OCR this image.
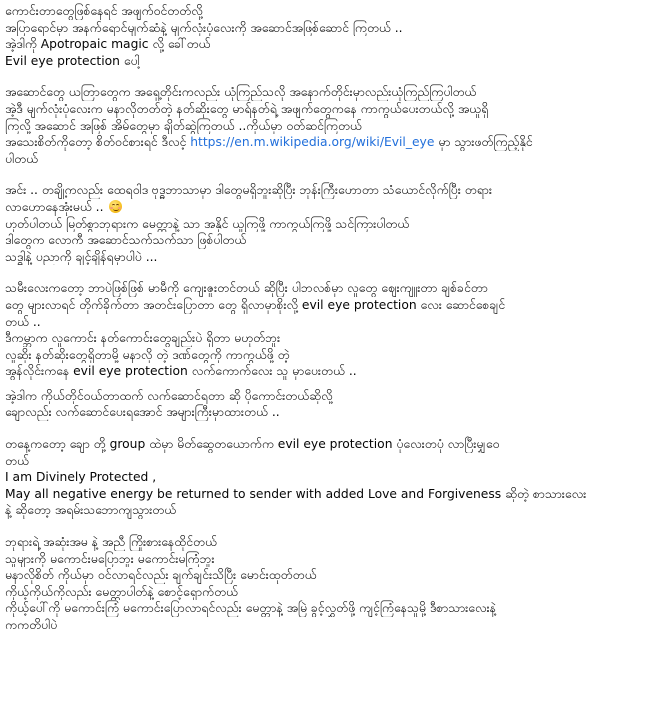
ကောင်းတာတွေဖြစ်နေရင် အဖျက်ဝင်တတ်လို့
အပြာရောင်မှာ အနက်ရောင်မျက်ဆံနဲ့ မျက်လုံးပုံလေးကို အဆောင်အဖြစ်ဆောင် ကြတယ် ..
အဲ့ဒါကို Apotropaic magic လို့ ခေါ်တယ်
Evil eye protection ပေါ့
အဆောင်တွေ ယတြာတွေက အရှေ့တိုင်းကလည်း ယုံကြည်သလို အနောက်တိုင်းမှာလည်းယုံကြည်ကြပါတယ်
အဲ့ဒီ မျက်လုံးပုံလေးက မနာလိုတတ်တဲ့ နတ်ဆိုးတွေ မာရ်နတ်ရဲ့ အဖျက်တွေကနေ ကာကွယ်ပေးတယ်လို့ အယူရှိ
ကြလို့ အဆောင် အဖြစ် အိမ်တွေမှာ ချိတ်ဆွဲကြတယ် ..ကိုယ်မှာ ဝတ်ဆင်ကြတယ်
အသေးစိတ်ကိုတော့ စိတ်ဝင်စားရင် ဒီလင့် https://en.m.wikipedia.org/wiki/Evil_eye မှာ သွားဖတ်ကြည့်နိုင်
ပါတယ်
အင်း .. တချို့ကလည်း ထေရဝါဒ ဗုဒ္ဓဘာသာမှာ ဒါတွေမရှိဘူးဆိုပြီး ဘုန်းကြီးဟောတာ သံယောင်လိုက်ပြီး တရား
လာဟောနေအုံးမယ် ..
ဟုတ်ပါတယ် မြတ်စွာဘုရားက မေတ္တာနဲ့ သာ အနိုင် ယူကြဖို့ ကာကွယ်ကြဖို့ သင်ကြားပါတယ်
ဒါတွေက လောကီ အဆောင်သက်သက်သာ ဖြစ်ပါတယ်
သဒ္ဓါနဲ့ ပညာကို ချင့်ချိန်ရမှာပါပဲ ...
သမီးလေးကတော့ ဘာပဲဖြစ်ဖြစ် မာမီကို ကျေးဇူးတင်တယ် ဆိုပြီး ပါဘလစ်မှာ လူတွေ ဈေးကျူးတာ ချစ်ခင်တာ
တွေ များလာရင် တိုက်ခိုက်တာ အတင်းပြောတာ တွေ ရှိလာမှာစိုးလို့ evil eye protection လေး ဆောင်စေချင်
တယ် ..
ဒီကမ္ဘာက လူကောင်း နတ်ကောင်းတွေချည်းပဲ ရှိတာ မဟုတ်ဘူး
လူဆိုး နတ်ဆိုးတွေရှိတာမို့ မနာလို တဲ့ ဒဏ်တွေကို ကာကွယ်ဖို့ တဲ့
အွန်လိုင်းကနေ evil eye protection လက်ကောက်လေး သူ မှာပေးတယ် ..
အဲ့ဒါက ကိုယ်တိုင်ဝယ်တာထက် လက်ဆောင်ရတာ ဆို ပိုကောင်းတယ်ဆိုလို့
ချောလည်း လက်ဆောင်ပေးရအောင် အများကြီးမှာထားတယ် ..
တနေ့ကတော့ ချော တို့ group ထဲမှာ မိတ်ဆွေတယောက်က evil eye protection ပုံလေးတပုံ လာပြီးမျှဝေ
တယ်
I am Divinely Protected ,
May all negative energy be returned to sender with added Love and Forgiveness ဆိုတဲ့ စာသားလေး
နဲ့ ဆိုတော့ အရမ်းသဘောကျသွားတယ်
ဘုရားရဲ့ အဆုံးအမ နဲ့ အညီ ကြိုးစားနေထိုင်တယ်
သူများကို မကောင်းမပြောဘူး မကောင်းမကြံဘူး
မနာလိုစိတ် ကိုယ်မှာ ဝင်လာရင်လည်း ချက်ချင်းသိပြီး မောင်းထုတ်တယ်
ကိုယ့်ကိုယ်ကိုလည်း မေတ္တာပါတ်နဲ့ စောင့်ရှောက်တယ်
ကိုယ့်ပေါ်ကို မကောင်းကြံ မကောင်းပြောလာရင်လည်း မေတ္တာနဲ့ အမြဲ ခွင့်လွှတ်ဖို့ ကျင့်ကြံနေသူမို့ ဒီစာသားလေးနဲ့
ကကတိပါပဲ
